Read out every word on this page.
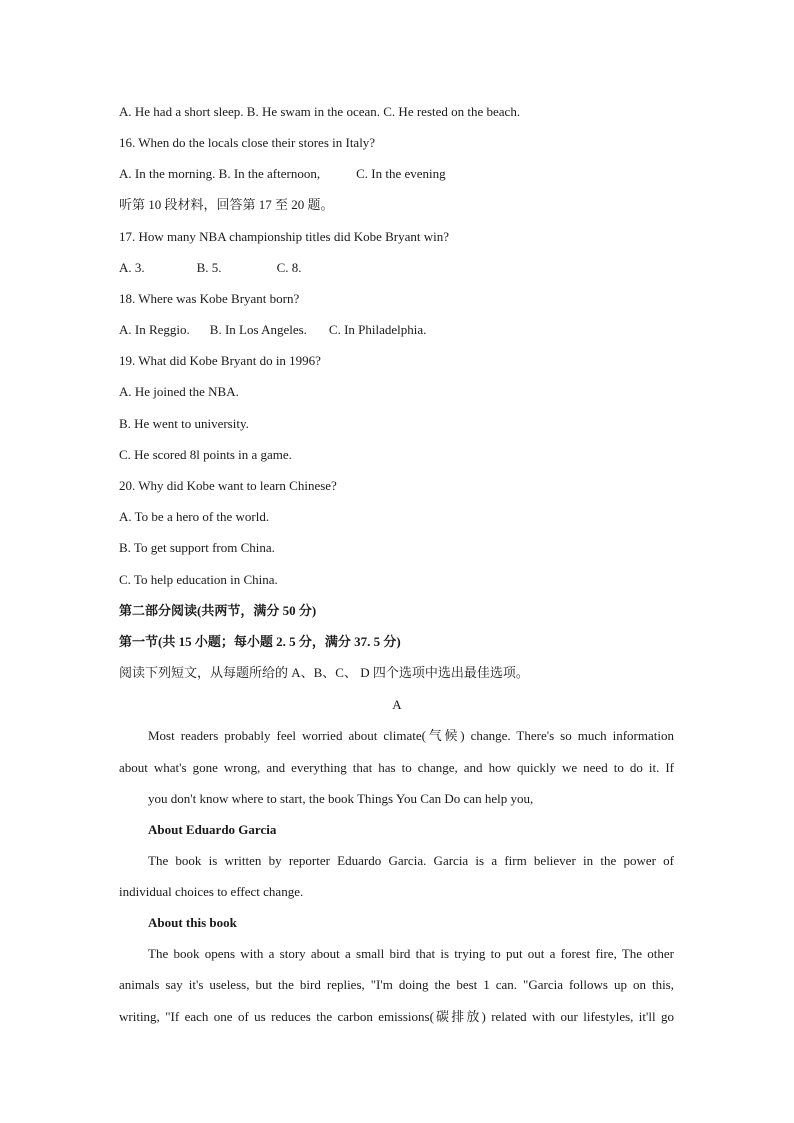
A. He had a short sleep. B. He swam in the ocean. C. He rested on the beach.
16. When do the locals close their stores in Italy?
A. In the morning. B. In the afternoon,	C. In the evening
听第 10 段材料，回答第 17 至 20 题。
17. How many NBA championship titles did Kobe Bryant win?
A. 3.	B. 5.	C. 8.
18. Where was Kobe Bryant born?
A. In Reggio. B. In Los Angeles. C. In Philadelphia.
19. What did Kobe Bryant do in 1996?
A. He joined the NBA.
B. He went to university.
C. He scored 8l points in a game.
20. Why did Kobe want to learn Chinese?
A. To be a hero of the world.
B. To get support from China.
C. To help education in China.
第二部分阅读(共两节，满分 50 分)
第一节(共 15 小题；每小题 2. 5 分，满分 37. 5 分)
阅读下列短文，从每题所给的 A、B、C、 D 四个选项中选出最佳选项。
A
Most readers probably feel worried about climate(气候) change. There's so much information
about what's gone wrong, and everything that has to change, and how quickly we need to do it. If
you don't know where to start, the book Things You Can Do can help you,
About Eduardo Garcia
The book is written by reporter Eduardo Garcia. Garcia is a firm believer in the power of
individual choices to effect change.
About this book
The book opens with a story about a small bird that is trying to put out a forest fire, The other
animals say it's useless, but the bird replies, "I'm doing the best 1 can. "Garcia follows up on this,
writing, "If each one of us reduces the carbon emissions(碳排放) related with our lifestyles, it'll go
